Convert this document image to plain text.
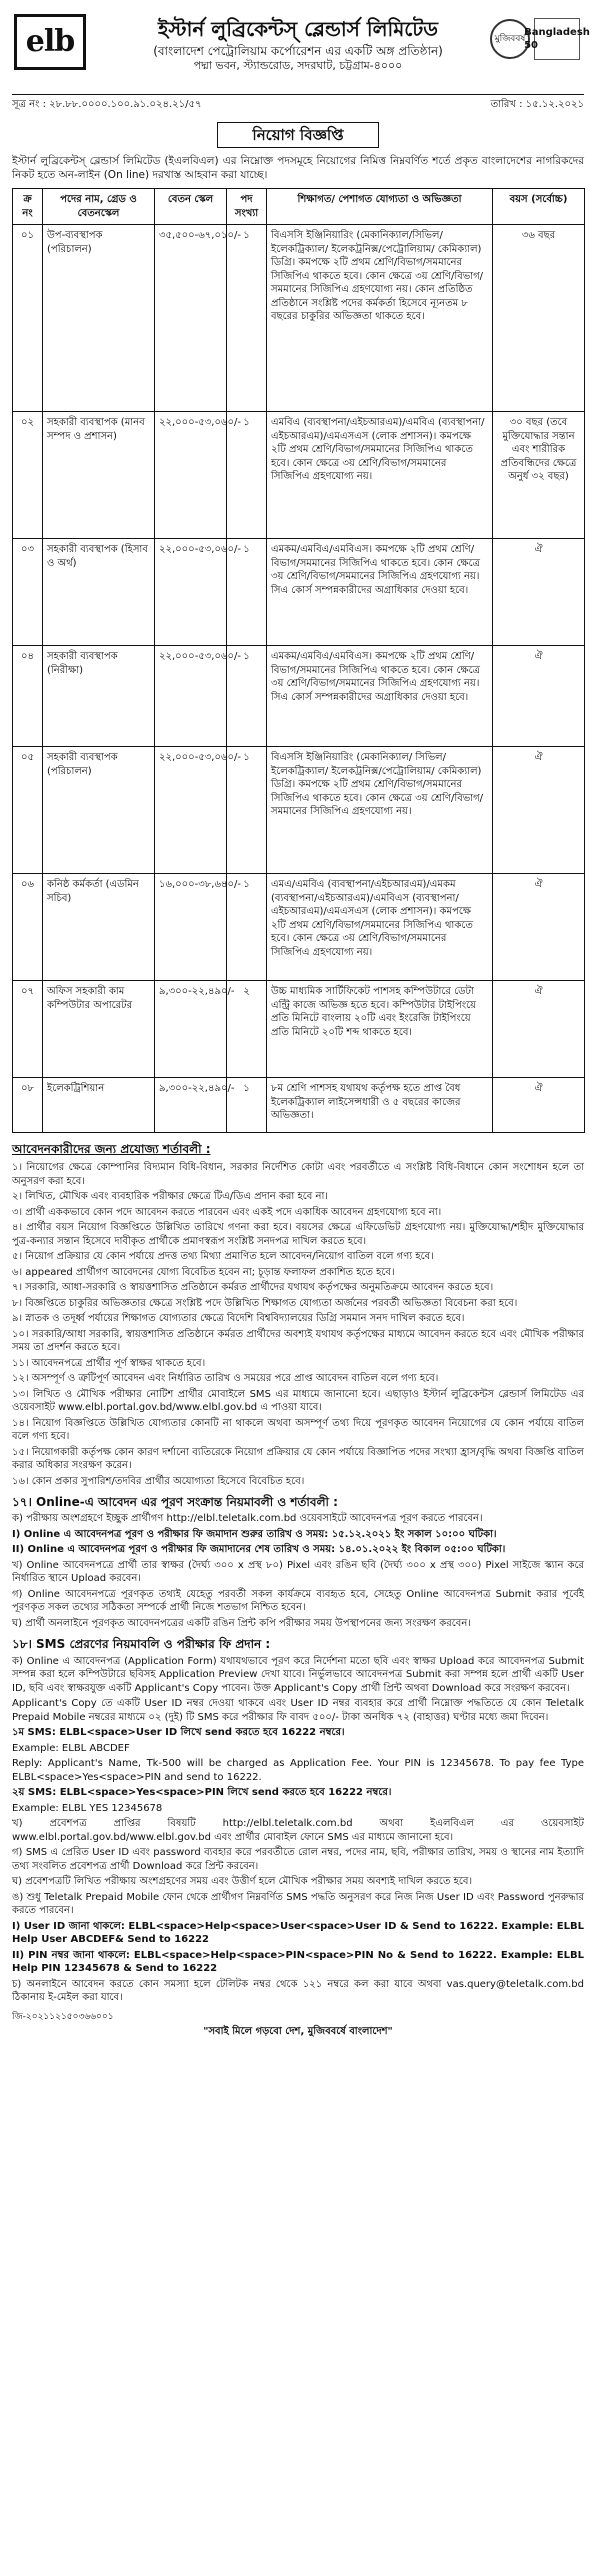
elb	মুজিববর্ষ
Bangladesh 50
ইস্টার্ন লুব্রিকেন্টস্ ব্লেন্ডার্স লিমিটেড
(বাংলাদেশ পেট্রোলিয়াম কর্পোরেশন এর একটি অঙ্গ প্রতিষ্ঠান)
পদ্মা ভবন, স্ট্যান্ডরোড, সদরঘাট, চট্টগ্রাম-৪০০০
সূত্র নং : ২৮.৮৮.০০০০.১০০.৯১.০২৪.২১/৫৭	তারিখ : ১৫.১২.২০২১
নিয়োগ বিজ্ঞপ্তি
ইস্টার্ন লুব্রিকেন্টস্ ব্লেন্ডার্স লিমিটেড (ইএলবিএল) এর নিম্নোক্ত পদসমূহে নিয়োগের নিমিত্ত নিম্নবর্ণিত শর্তে প্রকৃত বাংলাদেশের নাগরিকদের নিকট হতে অন-লাইন (On line) দরখাস্ত আহবান করা যাচ্ছে।
ক্র নং	পদের নাম, গ্রেড ও বেতনস্কেল	বেতন স্কেল	পদ সংখ্যা	শিক্ষাগত/ পেশাগত যোগ্যতা ও অভিজ্ঞতা	বয়স (সর্বোচ্চ)
০১	উপ-ব্যবস্থাপক (পরিচালন)	৩৫,৫০০-৬৭,০১০/-	১	বিএসসি ইঞ্জিনিয়ারিং (মেকানিক্যাল/সিভিল/ ইলেকট্রিক্যাল/ ইলেকট্রনিক্স/পেট্রোলিয়াম/ কেমিক্যাল) ডিগ্রি। কমপক্ষে ২টি প্রথম শ্রেণি/বিভাগ/সমমানের সিজিপিএ থাকতে হবে। কোন ক্ষেত্রে ৩য় শ্রেণি/বিভাগ/সমমানের সিজিপিএ গ্রহণযোগ্য নয়। কোন প্রতিষ্ঠিত প্রতিষ্ঠানে সংশ্লিষ্ট পদের কর্মকর্তা হিসেবে ন্যূনতম ৮ বছরের চাকুরির অভিজ্ঞতা থাকতে হবে।	৩৬ বছর
০২	সহকারী ব্যবস্থাপক (মানব সম্পদ ও প্রশাসন)	২২,০০০-৫৩,০৬০/-	১	এমবিএ (ব্যবস্থাপনা/এইচআরএম)/এমবিএ (ব্যবস্থাপনা/এইচআরএম)/এমএসএস (লোক প্রশাসন)। কমপক্ষে ২টি প্রথম শ্রেণি/বিভাগ/সমমানের সিজিপিএ থাকতে হবে। কোন ক্ষেত্রে ৩য় শ্রেণি/বিভাগ/সমমানের সিজিপিএ গ্রহণযোগ্য নয়।	৩০ বছর (তবে মুক্তিযোদ্ধার সন্তান এবং শারীরিক প্রতিবন্ধিদের ক্ষেত্রে অনুর্ধ ৩২ বছর)
০৩	সহকারী ব্যবস্থাপক (হিসাব ও অর্থ)	২২,০০০-৫৩,০৬০/-	১	এমকম/এমবিএ/এমবিএস। কমপক্ষে ২টি প্রথম শ্রেণি/বিভাগ/সমমানের সিজিপিএ থাকতে হবে। কোন ক্ষেত্রে ৩য় শ্রেণি/বিভাগ/সমমানের সিজিপিএ গ্রহণযোগ্য নয়। সিএ কোর্স সম্পন্নকারীদের অগ্রাধিকার দেওয়া হবে।	ঐ
০৪	সহকারী ব্যবস্থাপক (নিরীক্ষা)	২২,০০০-৫৩,০৬০/-	১	এমকম/এমবিএ/এমবিএস। কমপক্ষে ২টি প্রথম শ্রেণি/বিভাগ/সমমানের সিজিপিএ থাকতে হবে। কোন ক্ষেত্রে ৩য় শ্রেণি/বিভাগ/সমমানের সিজিপিএ গ্রহণযোগ্য নয়। সিএ কোর্স সম্পন্নকারীদের অগ্রাধিকার দেওয়া হবে।	ঐ
০৫	সহকারী ব্যবস্থাপক (পরিচালন)	২২,০০০-৫৩,০৬০/-	১	বিএসসি ইঞ্জিনিয়ারিং (মেকানিক্যাল/ সিভিল/ ইলেকট্রিক্যাল/ ইলেকট্রনিক্স/পেট্রোলিয়াম/ কেমিক্যাল) ডিগ্রি। কমপক্ষে ২টি প্রথম শ্রেণি/বিভাগ/সমমানের সিজিপিএ থাকতে হবে। কোন ক্ষেত্রে ৩য় শ্রেণি/বিভাগ/সমমানের সিজিপিএ গ্রহণযোগ্য নয়।	ঐ
০৬	কনিষ্ঠ কর্মকর্তা (এডমিন সচিব)	১৬,০০০-৩৮,৬৪০/-	১	এমএ/এমবিএ (ব্যবস্থাপনা/এইচআরএম)/এমকম (ব্যবস্থাপনা/এইচআরএম)/এমবিএস (ব্যবস্থাপনা/ এইচআরএম)/এমএসএস (লোক প্রশাসন)। কমপক্ষে ২টি প্রথম শ্রেণি/বিভাগ/সমমানের সিজিপিএ থাকতে হবে। কোন ক্ষেত্রে ৩য় শ্রেণি/বিভাগ/সমমানের সিজিপিএ গ্রহণযোগ্য নয়।	ঐ
০৭	অফিস সহকারী কাম কম্পিউটার অপারেটর	৯,৩০০-২২,৪৯০/-	২	উচ্চ মাধ্যমিক সার্টিফিকেট পাশসহ কম্পিউটারে ডেটা এন্ট্রি কাজে অভিজ্ঞ হতে হবে। কম্পিউটার টাইপিংয়ে প্রতি মিনিটে বাংলায় ২০টি এবং ইংরেজি টাইপিংয়ে প্রতি মিনিটে ২০টি শব্দ থাকতে হবে।	ঐ
০৮	ইলেকট্রিশিয়ান	৯,৩০০-২২,৪৯০/-	১	৮ম শ্রেণি পাশসহ যথাযথ কর্তৃপক্ষ হতে প্রাপ্ত বৈধ ইলেকট্রিক্যাল লাইসেন্সধারী ও ৫ বছরের কাজের অভিজ্ঞতা।	ঐ
আবেদনকারীদের জন্য প্রযোজ্য শর্তাবলী :

১। নিয়োগের ক্ষেত্রে কোম্পানির বিদ্যমান বিধি-বিধান, সরকার নির্দেশিত কোটা এবং পরবর্তীতে এ সংশ্লিষ্ট বিধি-বিধানে কোন সংশোধন হলে তা অনুসরণ করা হবে।

২। লিখিত, মৌখিক এবং ব্যবহারিক পরীক্ষার ক্ষেত্রে টিএ/ডিএ প্রদান করা হবে না।

৩। প্রার্থী এককভাবে কোন পদে আবেদন করতে পারবেন এবং একই পদে একাধিক আবেদন গ্রহণযোগ্য হবে না।

৪। প্রার্থীর বয়স নিয়োগ বিজ্ঞপ্তিতে উল্লিখিত তারিখে গণনা করা হবে। বয়সের ক্ষেত্রে এফিডেভিট গ্রহণযোগ্য নয়। মুক্তিযোদ্ধা/শহীদ মুক্তিযোদ্ধার পুত্র-কন্যার সন্তান হিসেবে দাবীকৃত প্রার্থীকে প্রমাণস্বরূপ সংশ্লিষ্ট সনদপত্র দাখিল করতে হবে।

৫। নিয়োগ প্রক্রিয়ার যে কোন পর্যায়ে প্রদত্ত তথ্য মিথ্যা প্রমাণিত হলে আবেদন/নিয়োগ বাতিল বলে গণ্য হবে।

৬। appeared প্রার্থীগণ আবেদনের যোগ্য বিবেচিত হবেন না; চূড়ান্ত ফলাফল প্রকাশিত হতে হবে।

৭। সরকারি, আধা-সরকারি ও স্বায়ত্তশাসিত প্রতিষ্ঠানে কর্মরত প্রার্থীদের যথাযথ কর্তৃপক্ষের অনুমতিক্রমে আবেদন করতে হবে।

৮। বিজ্ঞপ্তিতে চাকুরির অভিজ্ঞতার ক্ষেত্রে সংশ্লিষ্ট পদে উল্লিখিত শিক্ষাগত যোগ্যতা অর্জনের পরবর্তী অভিজ্ঞতা বিবেচনা করা হবে।

৯। স্নাতক ও তদূর্ধ্ব পর্যায়ের শিক্ষাগত যোগ্যতার ক্ষেত্রে বিদেশি বিশ্ববিদ্যালয়ের ডিগ্রি সমমান সনদ দাখিল করতে হবে।

১০। সরকারি/আধা সরকারি, স্বায়ত্তশাসিত প্রতিষ্ঠানে কর্মরত প্রার্থীদের অবশ্যই যথাযথ কর্তৃপক্ষের মাধ্যমে আবেদন করতে হবে এবং মৌখিক পরীক্ষার সময় তা প্রদর্শন করতে হবে।

১১। আবেদনপত্রে প্রার্থীর পূর্ণ স্বাক্ষর থাকতে হবে।

১২। অসম্পূর্ণ ও ত্রুটিপূর্ণ আবেদন এবং নির্ধারিত তারিখ ও সময়ের পরে প্রাপ্ত আবেদন বাতিল বলে গণ্য হবে।

১৩। লিখিত ও মৌখিক পরীক্ষার নোটিশ প্রার্থীর মোবাইলে SMS এর মাধ্যমে জানানো হবে। এছাড়াও ইস্টার্ন লুব্রিকেন্টস ব্লেন্ডার্স লিমিটেড এর ওয়েবসাইট www.elbl.portal.gov.bd/www.elbl.gov.bd এ পাওয়া যাবে।

১৪। নিয়োগ বিজ্ঞপ্তিতে উল্লিখিত যোগ্যতার কোনটি না থাকলে অথবা অসম্পূর্ণ তথ্য দিয়ে পূরণকৃত আবেদন নিয়োগের যে কোন পর্যায়ে বাতিল বলে গণ্য হবে।

১৫। নিয়োগকারী কর্তৃপক্ষ কোন কারণ দর্শানো ব্যতিরেকে নিয়োগ প্রক্রিয়ার যে কোন পর্যায়ে বিজ্ঞাপিত পদের সংখ্যা হ্রাস/বৃদ্ধি অথবা বিজ্ঞপ্তি বাতিল করার অধিকার সংরক্ষণ করেন।

১৬। কোন প্রকার সুপারিশ/তদবির প্রার্থীর অযোগ্যতা হিসেবে বিবেচিত হবে।

১৭। Online-এ আবেদন এর পূরণ সংক্রান্ত নিয়মাবলী ও শর্তাবলী :

ক) পরীক্ষায় অংশগ্রহণে ইচ্ছুক প্রার্থীগণ http://elbl.teletalk.com.bd ওয়েবসাইটে আবেদনপত্র পূরণ করতে পারবেন।

I) Online এ আবেদনপত্র পূরণ ও পরীক্ষার ফি জমাদান শুরুর তারিখ ও সময়: ১৫.১২.২০২১ ইং সকাল ১০:০০ ঘটিকা।

II) Online এ আবেদনপত্র পূরণ ও পরীক্ষার ফি জমাদানের শেষ তারিখ ও সময়: ১৪.০১.২০২২ ইং বিকাল ০৫:০০ ঘটিকা।

খ) Online আবেদনপত্রে প্রার্থী তার স্বাক্ষর (দৈর্ঘ্য ৩০০ x প্রস্থ ৮০) Pixel এবং রঙিন ছবি (দৈর্ঘ্য ৩০০ x প্রস্থ ৩০০) Pixel সাইজে স্ক্যান করে নির্ধারিত স্থানে Upload করবেন।

গ) Online আবেদনপত্রে পূরণকৃত তথ্যই যেহেতু পরবর্তী সকল কার্যক্রমে ব্যবহৃত হবে, সেহেতু Online আবেদনপত্র Submit করার পূর্বেই পূরণকৃত সকল তথ্যের সঠিকতা সম্পর্কে প্রার্থী নিজে শতভাগ নিশ্চিত হবেন।

ঘ) প্রার্থী অনলাইনে পূরণকৃত আবেদনপত্রের একটি রঙিন প্রিন্ট কপি পরীক্ষার সময় উপস্থাপনের জন্য সংরক্ষণ করবেন।

১৮। SMS প্রেরণের নিয়মাবলি ও পরীক্ষার ফি প্রদান :

ক) Online এ আবেদনপত্র (Application Form) যথাযথভাবে পূরণ করে নির্দেশনা মতো ছবি এবং স্বাক্ষর Upload করে আবেদনপত্র Submit সম্পন্ন করা হলে কম্পিউটারে ছবিসহ Application Preview দেখা যাবে। নির্ভুলভাবে আবেদনপত্র Submit করা সম্পন্ন হলে প্রার্থী একটি User ID, ছবি এবং স্বাক্ষরযুক্ত একটি Applicant's Copy পাবেন। উক্ত Applicant's Copy প্রার্থী প্রিন্ট অথবা Download করে সংরক্ষণ করবেন।

Applicant's Copy তে একটি User ID নম্বর দেওয়া থাকবে এবং User ID নম্বর ব্যবহার করে প্রার্থী নিম্নোক্ত পদ্ধতিতে যে কোন Teletalk Prepaid Mobile নম্বরের মাধ্যমে ০২ (দুই) টি SMS করে পরীক্ষার ফি বাবদ ৫০০/- টাকা অনধিক ৭২ (বাহাত্তর) ঘণ্টার মধ্যে জমা দিবেন।

১ম SMS: ELBL<space>User ID লিখে send করতে হবে 16222 নম্বরে।

Example: ELBL ABCDEF

Reply: Applicant's Name, Tk-500 will be charged as Application Fee. Your PIN is 12345678. To pay fee Type ELBL<space>Yes<space>PIN and send to 16222.

২য় SMS: ELBL<space>Yes<space>PIN লিখে send করতে হবে 16222 নম্বরে।

Example: ELBL YES 12345678

খ) প্রবেশপত্র প্রাপ্তির বিষয়টি http://elbl.teletalk.com.bd অথবা ইএলবিএল এর ওয়েবসাইট www.elbl.portal.gov.bd/www.elbl.gov.bd এবং প্রার্থীর মোবাইল ফোনে SMS এর মাধ্যমে জানানো হবে।

গ) SMS এ প্রেরিত User ID এবং password ব্যবহার করে পরবর্তীতে রোল নম্বর, পদের নাম, ছবি, পরীক্ষার তারিখ, সময় ও স্থানের নাম ইত্যাদি তথ্য সংবলিত প্রবেশপত্র প্রার্থী Download করে প্রিন্ট করবেন।

ঘ) প্রবেশপত্রটি লিখিত পরীক্ষায় অংশগ্রহণের সময় এবং উত্তীর্ণ হলে মৌখিক পরীক্ষার সময় অবশ্যই দাখিল করতে হবে।

ঙ) শুধু Teletalk Prepaid Mobile ফোন থেকে প্রার্থীগণ নিম্নবর্ণিত SMS পদ্ধতি অনুসরণ করে নিজ নিজ User ID এবং Password পুনরুদ্ধার করতে পারবেন।

I) User ID জানা থাকলে: ELBL<space>Help<space>User<space>User ID & Send to 16222. Example: ELBL Help User ABCDEF& Send to 16222

II) PIN নম্বর জানা থাকলে: ELBL<space>Help<space>PIN<space>PIN No & Send to 16222. Example: ELBL Help PIN 12345678 & Send to 16222

চ) অনলাইনে আবেদন করতে কোন সমস্যা হলে টেলিটক নম্বর থেকে ১২১ নম্বরে কল করা যাবে অথবা vas.query@teletalk.com.bd ঠিকানায় ই-মেইল করা যাবে।

জি-২০২১১২১৫০৩৬৬০০১
"সবাই মিলে গড়বো দেশ, মুজিববর্ষে বাংলাদেশ"
